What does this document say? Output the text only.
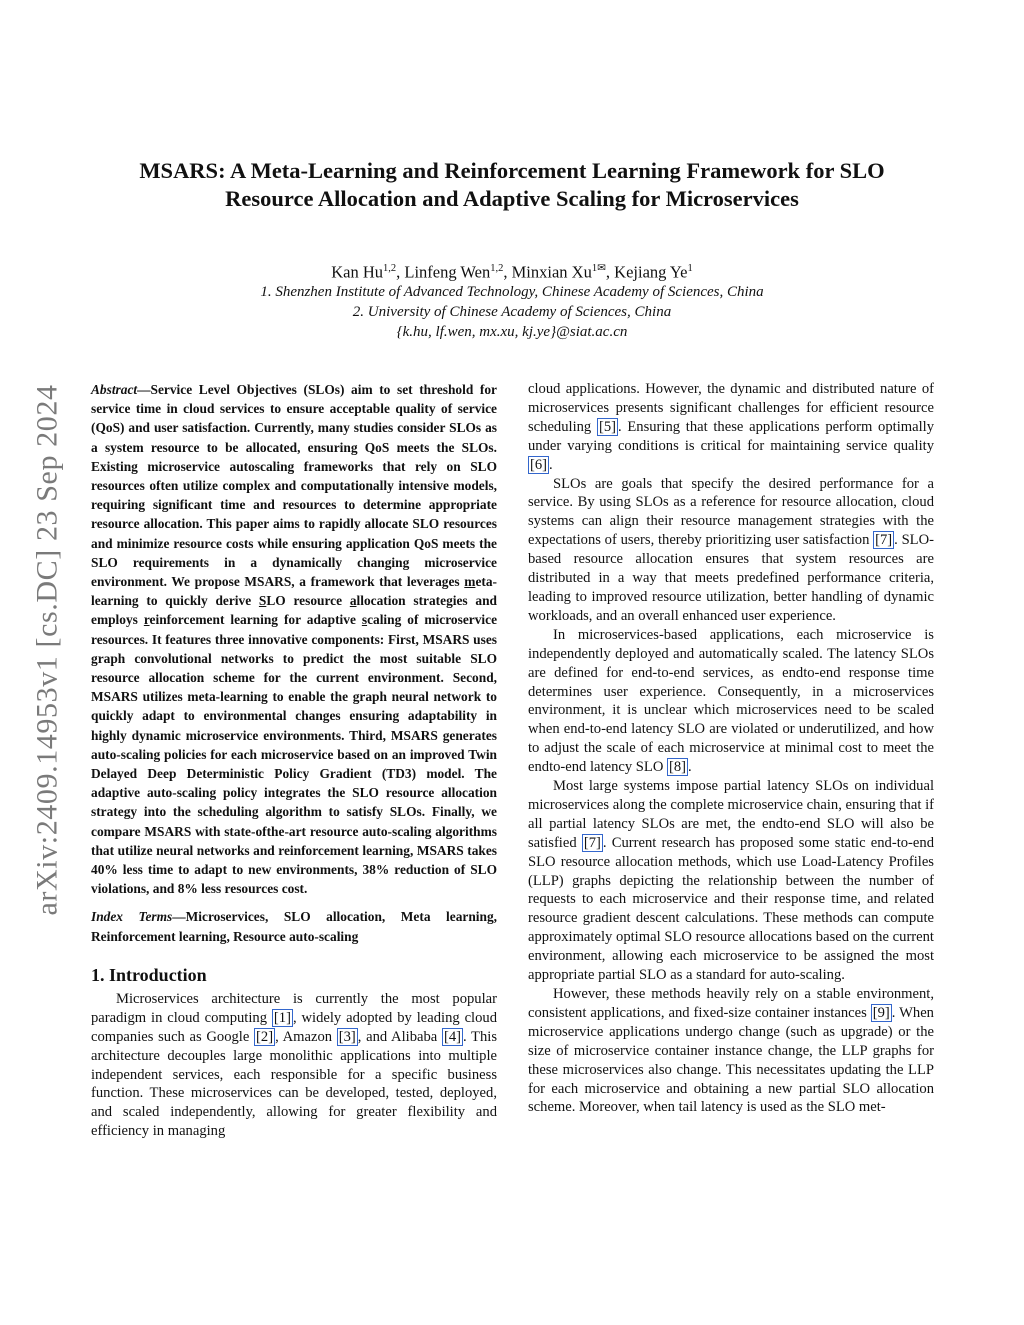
arXiv:2409.14953v1 [cs.DC] 23 Sep 2024
MSARS: A Meta-Learning and Reinforcement Learning Framework for SLO
Resource Allocation and Adaptive Scaling for Microservices
Kan Hu$^{1,2}$, Linfeng Wen$^{1,2}$, Minxian $Xu^{1✉}$, Kejiang Ye$^1$
1. Shenzhen Institute of Advanced Technology, Chinese Academy of Sciences, China
2. University of Chinese Academy of Sciences, China
{k.hu, lf.wen, mx.xu, kj.ye}@siat.ac.cn

Abstract—Service Level Objectives (SLOs) aim to set threshold for service time in cloud services to ensure acceptable quality of service (QoS) and user satisfaction. Currently, many studies consider SLOs as a system resource to be allocated, ensuring QoS meets the SLOs. Existing microservice autoscaling frameworks that rely on SLO resources often utilize complex and computationally intensive models, requiring significant time and resources to determine appropriate resource allocation. This paper aims to rapidly allocate SLO resources and minimize resource costs while ensuring application QoS meets the SLO requirements in a dynamically changing microservice environment. We propose MSARS, a framework that leverages meta-learning to quickly derive SLO resource allocation strategies and employs reinforcement learning for adaptive scaling of microservice resources. It features three innovative components: First, MSARS uses graph convolutional networks to predict the most suitable SLO resource allocation scheme for the current environment. Second, MSARS utilizes meta-learning to enable the graph neural network to quickly adapt to environmental changes ensuring adaptability in highly dynamic microservice environments. Third, MSARS generates auto-scaling policies for each microservice based on an improved Twin Delayed Deep Deterministic Policy Gradient (TD3) model. The adaptive auto-scaling policy integrates the SLO resource allocation strategy into the scheduling algorithm to satisfy SLOs. Finally, we compare MSARS with state-ofthe-art resource auto-scaling algorithms that utilize neural networks and reinforcement learning, MSARS takes 40% less time to adapt to new environments, 38% reduction of SLO violations, and 8% less resources cost.

Index Terms—Microservices, SLO allocation, Meta learning, Reinforcement learning, Resource auto-scaling

1. Introduction

Microservices architecture is currently the most popular paradigm in cloud computing [1] , widely adopted by leading cloud companies such as Google [2] , Amazon [3] , and Alibaba [4] . This architecture decouples large monolithic applications into multiple independent services, each responsible for a specific business function. These microservices can be developed, tested, deployed, and scaled independently, allowing for greater flexibility and efficiency in managing

cloud applications. However, the dynamic and distributed nature of microservices presents significant challenges for efficient resource scheduling [5] . Ensuring that these applications perform optimally under varying conditions is critical for maintaining service quality [6] .

SLOs are goals that specify the desired performance for a service. By using SLOs as a reference for resource allocation, cloud systems can align their resource management strategies with the expectations of users, thereby prioritizing user satisfaction [7] . SLO-based resource allocation ensures that system resources are distributed in a way that meets predefined performance criteria, leading to improved resource utilization, better handling of dynamic workloads, and an overall enhanced user experience.

In microservices-based applications, each microservice is independently deployed and automatically scaled. The latency SLOs are defined for end-to-end services, as endto-end response time determines user experience. Consequently, in a microservices environment, it is unclear which microservices need to be scaled when end-to-end latency SLO are violated or underutilized, and how to adjust the scale of each microservice at minimal cost to meet the endto-end latency SLO [8] .

Most large systems impose partial latency SLOs on individual microservices along the complete microservice chain, ensuring that if all partial latency SLOs are met, the endto-end SLO will also be satisfied [7] . Current research has proposed some static end-to-end SLO resource allocation methods, which use Load-Latency Profiles (LLP) graphs depicting the relationship between the number of requests to each microservice and their response time, and related resource gradient descent calculations. These methods can compute approximately optimal SLO resource allocations based on the current environment, allowing each microservice to be assigned the most appropriate partial SLO as a standard for auto-scaling.

However, these methods heavily rely on a stable environment, consistent applications, and fixed-size container instances [9] . When microservice applications undergo change (such as upgrade) or the size of microservice container instance change, the LLP graphs for these microservices also change. This necessitates updating the LLP for each microservice and obtaining a new partial SLO allocation scheme. Moreover, when tail latency is used as the SLO met-
